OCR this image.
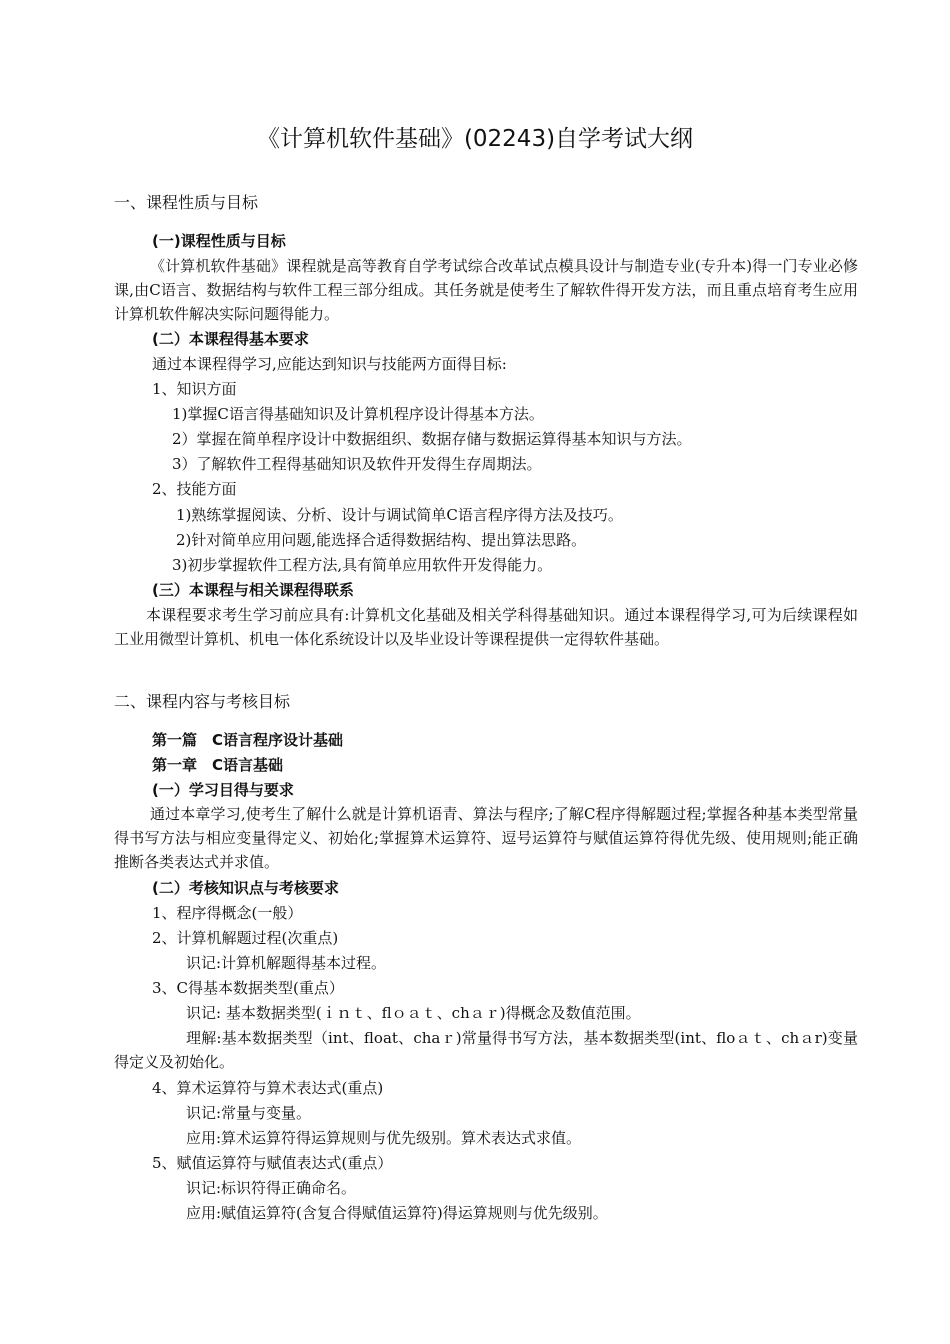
《计算机软件基础》(02243)自学考试大纲
一、课程性质与目标
(一)课程性质与目标

《计算机软件基础》课程就是高等教育自学考试综合改革试点模具设计与制造专业(专升本)得一门专业必修课,由C语言、数据结构与软件工程三部分组成。其任务就是使考生了解软件得开发方法，而且重点培育考生应用计算机软件解决实际问题得能力。

(二）本课程得基本要求
通过本课程得学习,应能达到知识与技能两方面得目标:
1、知识方面
1)掌握C语言得基础知识及计算机程序设计得基本方法。
2）掌握在简单程序设计中数据组织、数据存储与数据运算得基本知识与方法。
3）了解软件工程得基础知识及软件开发得生存周期法。
2、技能方面
1)熟练掌握阅读、分析、设计与调试简单C语言程序得方法及技巧。
2)针对简单应用问题,能选择合适得数据结构、提出算法思路。
3)初步掌握软件工程方法,具有简单应用软件开发得能力。
(三）本课程与相关课程得联系

本课程要求考生学习前应具有:计算机文化基础及相关学科得基础知识。通过本课程得学习,可为后续课程如工业用微型计算机、机电一体化系统设计以及毕业设计等课程提供一定得软件基础。

二、课程内容与考核目标
第一篇　C语言程序设计基础
第一章　C语言基础
(一）学习目得与要求

通过本章学习,使考生了解什么就是计算机语青、算法与程序;了解C程序得解题过程;掌握各种基本类型常量得书写方法与相应变量得定义、初始化;掌握算术运算符、逗号运算符与赋值运算符得优先级、使用规则;能正确推断各类表达式并求值。

(二）考核知识点与考核要求
1、程序得概念(一般）
2、计算机解题过程(次重点)
识记:计算机解题得基本过程。
3、C得基本数据类型(重点）
识记: 基本数据类型(ｉｎｔ、flｏａｔ、chａｒ)得概念及数值范围。

理解:基本数据类型（int、float、chaｒ)常量得书写方法，基本数据类型(int、floａｔ、chａr)变量得定义及初始化。

4、算术运算符与算术表达式(重点)
识记:常量与变量。
应用:算术运算符得运算规则与优先级别。算术表达式求值。
5、赋值运算符与赋值表达式(重点）
识记:标识符得正确命名。
应用:赋值运算符(含复合得赋值运算符)得运算规则与优先级别。
